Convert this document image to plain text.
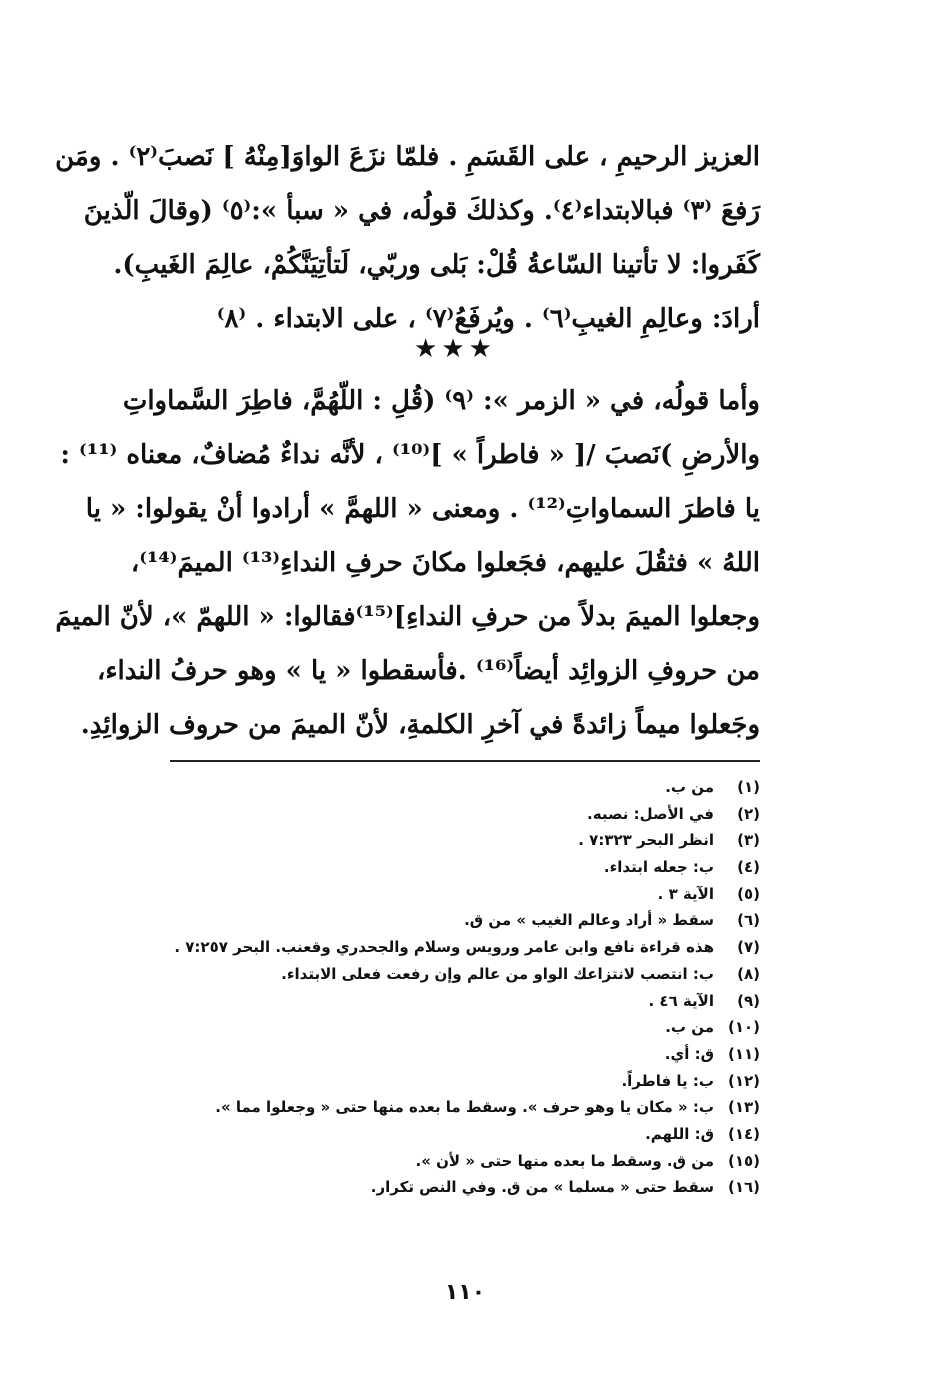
العزيز الرحيمِ ، على القَسَمِ . فلمّا نزَعَ الواوَ[مِنْهُ ] نَصبَ⁽٢⁾ . ومَن
رَفعَ ⁽٣⁾ فبالابتداء⁽٤⁾. وكذلكَ قولُه، في « سبأ »:⁽٥⁾ (وقالَ الّذينَ
كَفَروا: لا تأتينا السّاعةُ قُلْ: بَلى وربّي، لَتأتِيَنَّكُمْ، عالِمَ الغَيبِ).
أرادَ: وعالِمِ الغيبِ⁽٦⁾ . ويُرفَعُ⁽٧⁾ ، على الابتداء . ⁽٨⁾
★★★
وأما قولُه، في « الزمر »: ⁽٩⁾ (قُلِ : اللّهُمَّ، فاطِرَ السَّماواتِ
والأرضِ )نَصبَ /[ « فاطراً » ]⁽¹⁰⁾ ، لأنَّه نداءٌ مُضافٌ، معناه ⁽¹¹⁾ :
يا فاطرَ السماواتِ⁽¹²⁾ . ومعنى « اللهمَّ » أرادوا أنْ يقولوا: « يا
اللهُ » فثقُلَ عليهم، فجَعلوا مكانَ حرفِ النداءِ⁽¹³⁾ الميمَ⁽¹⁴⁾،
وجعلوا الميمَ بدلاً من حرفِ النداءِ]⁽¹⁵⁾فقالوا: « اللهمّ »، لأنّ الميمَ
من حروفِ الزوائِد أيضاً⁽¹⁶⁾ .فأسقطوا « يا » وهو حرفُ النداء،
وجَعلوا ميماً زائدةً في آخرِ الكلمةِ، لأنّ الميمَ من حروف الزوائِدِ.
(١)من ب.
(٢)في الأصل: نصبه.
(٣)انظر البحر ٧:٣٢٣ .
(٤)ب: جعله ابتداء.
(٥)الآية ٣ .
(٦)سقط « أراد وعالم الغيب » من ق.
(٧)هذه قراءة نافع وابن عامر ورويس وسلام والجحدري وقعنب. البحر ٧:٢٥٧ .
(٨)ب: انتصب لانتزاعك الواو من عالم وإن رفعت فعلى الابتداء.
(٩)الآية ٤٦ .
(١٠)من ب.
(١١)ق: أي.
(١٢)ب: يا فاطراً.
(١٣)ب: « مكان يا وهو حرف ». وسقط ما بعده منها حتى « وجعلوا مما ».
(١٤)ق: اللهم.
(١٥)من ق. وسقط ما بعده منها حتى « لأن ».
(١٦)سقط حتى « مسلما » من ق. وفي النص تكرار.
١١٠
